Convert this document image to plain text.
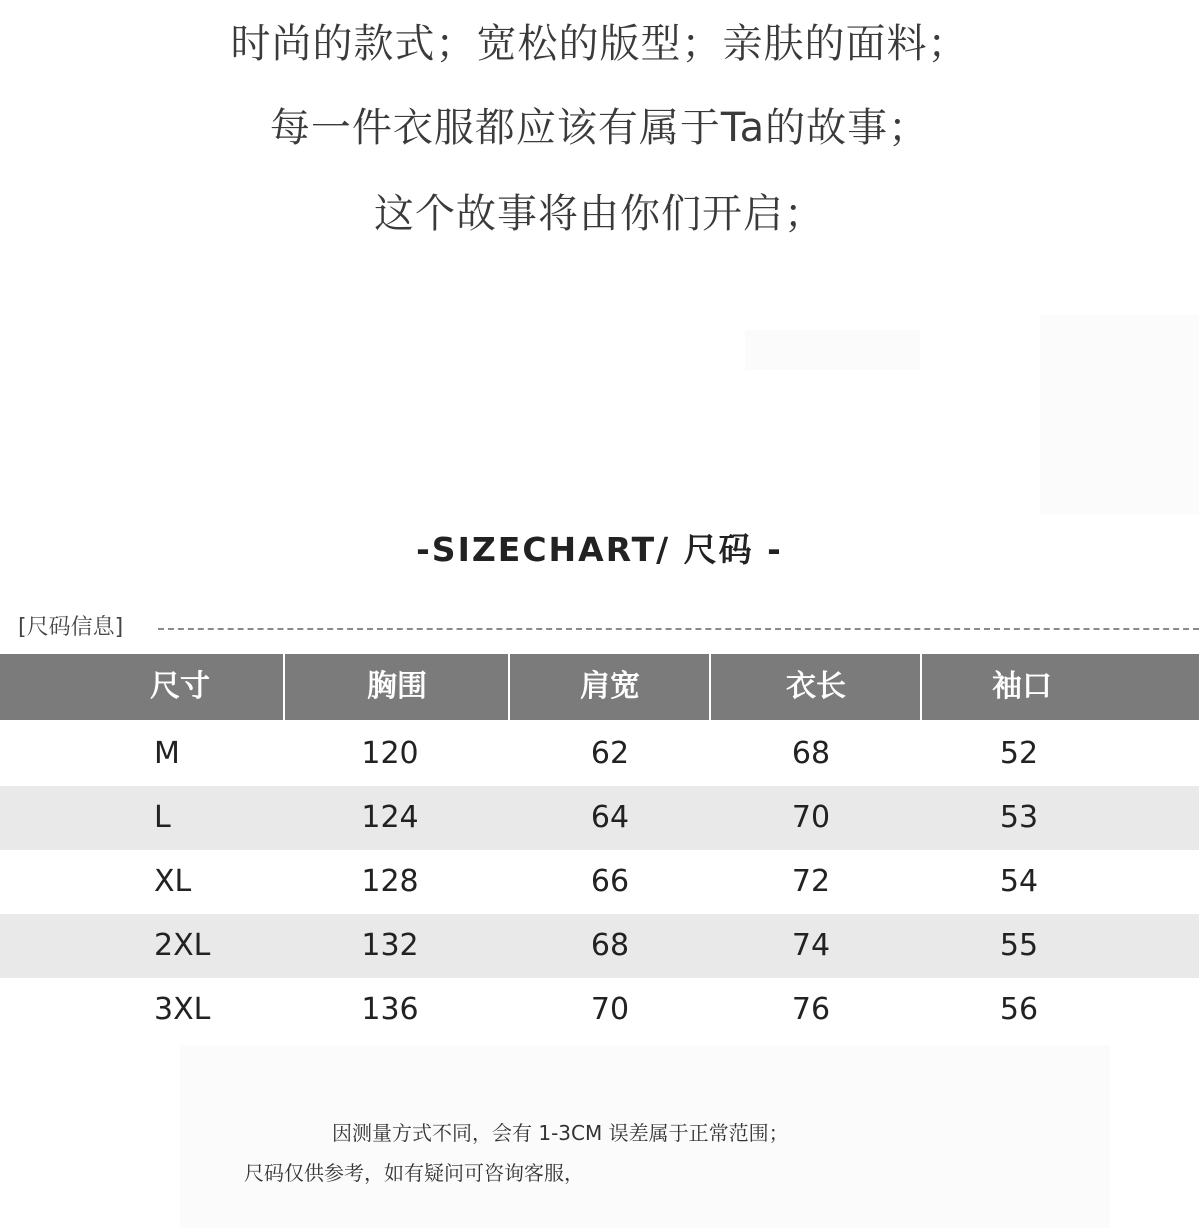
时尚的款式；宽松的版型；亲肤的面料；
每一件衣服都应该有属于Ta的故事；
这个故事将由你们开启；
-SIZECHART/ 尺码 -
[尺码信息]
尺寸	胸围	肩宽	衣长	袖口
M	120	62	68	52
L	124	64	70	53
XL	128	66	72	54
2XL	132	68	74	55
3XL	136	70	76	56
因测量方式不同，会有 1-3CM 误差属于正常范围；
尺码仅供参考，如有疑问可咨询客服，
